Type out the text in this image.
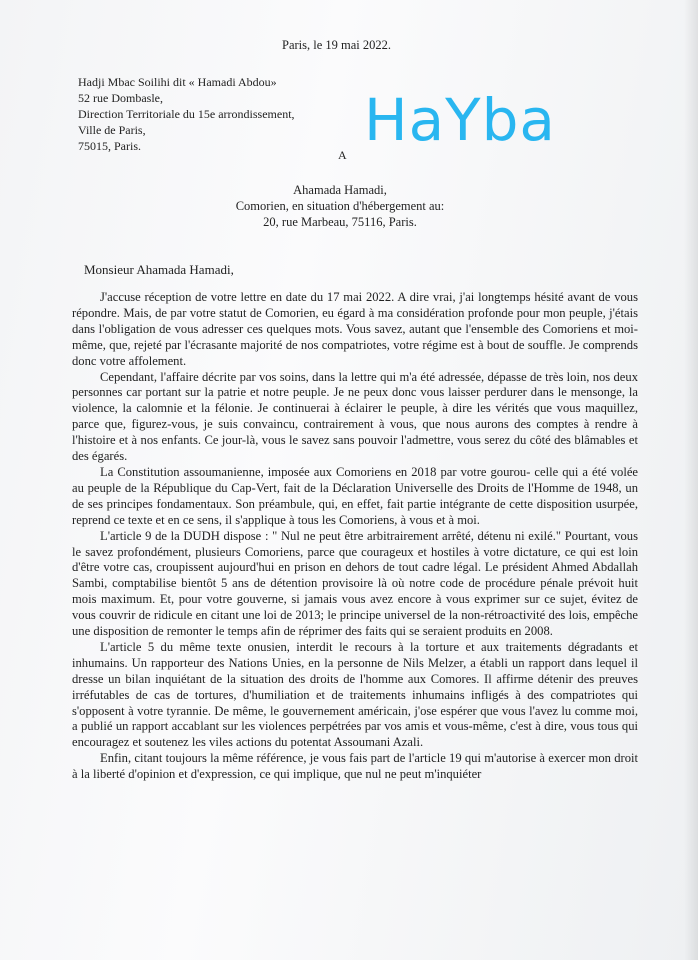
Paris, le 19 mai 2022.
Hadji Mbac Soilihi dit « Hamadi Abdou»
52 rue Dombasle,
Direction Territoriale du 15e arrondissement,
Ville de Paris,
75015, Paris.	HaYba
A
Ahamada Hamadi,
Comorien, en situation d'hébergement au:
20, rue Marbeau, 75116, Paris.
Monsieur Ahamada Hamadi,

J'accuse réception de votre lettre en date du 17 mai 2022. A dire vrai, j'ai longtemps hésité avant de vous répondre. Mais, de par votre statut de Comorien, eu égard à ma considération profonde pour mon peuple, j'étais dans l'obligation de vous adresser ces quelques mots. Vous savez, autant que l'ensemble des Comoriens et moi-même, que, rejeté par l'écrasante majorité de nos compatriotes, votre régime est à bout de souffle. Je comprends donc votre affolement.

Cependant, l'affaire décrite par vos soins, dans la lettre qui m'a été adressée, dépasse de très loin, nos deux personnes car portant sur la patrie et notre peuple. Je ne peux donc vous laisser perdurer dans le mensonge, la violence, la calomnie et la félonie. Je continuerai à éclairer le peuple, à dire les vérités que vous maquillez, parce que, figurez-vous, je suis convaincu, contrairement à vous, que nous aurons des comptes à rendre à l'histoire et à nos enfants. Ce jour-là, vous le savez sans pouvoir l'admettre, vous serez du côté des blâmables et des égarés.

La Constitution assoumanienne, imposée aux Comoriens en 2018 par votre gourou- celle qui a été volée au peuple de la République du Cap-Vert, fait de la Déclaration Universelle des Droits de l'Homme de 1948, un de ses principes fondamentaux. Son préambule, qui, en effet, fait partie intégrante de cette disposition usurpée, reprend ce texte et en ce sens, il s'applique à tous les Comoriens, à vous et à moi.

L'article 9 de la DUDH dispose : " Nul ne peut être arbitrairement arrêté, détenu ni exilé." Pourtant, vous le savez profondément, plusieurs Comoriens, parce que courageux et hostiles à votre dictature, ce qui est loin d'être votre cas, croupissent aujourd'hui en prison en dehors de tout cadre légal. Le président Ahmed Abdallah Sambi, comptabilise bientôt 5 ans de détention provisoire là où notre code de procédure pénale prévoit huit mois maximum. Et, pour votre gouverne, si jamais vous avez encore à vous exprimer sur ce sujet, évitez de vous couvrir de ridicule en citant une loi de 2013; le principe universel de la non-rétroactivité des lois, empêche une disposition de remonter le temps afin de réprimer des faits qui se seraient produits en 2008.

L'article 5 du même texte onusien, interdit le recours à la torture et aux traitements dégradants et inhumains. Un rapporteur des Nations Unies, en la personne de Nils Melzer, a établi un rapport dans lequel il dresse un bilan inquiétant de la situation des droits de l'homme aux Comores. Il affirme détenir des preuves irréfutables de cas de tortures, d'humiliation et de traitements inhumains infligés à des compatriotes qui s'opposent à votre tyrannie. De même, le gouvernement américain, j'ose espérer que vous l'avez lu comme moi, a publié un rapport accablant sur les violences perpétrées par vos amis et vous-même, c'est à dire, vous tous qui encouragez et soutenez les viles actions du potentat Assoumani Azali.

Enfin, citant toujours la même référence, je vous fais part de l'article 19 qui m'autorise à exercer mon droit à la liberté d'opinion et d'expression, ce qui implique, que nul ne peut m'inquiéter
